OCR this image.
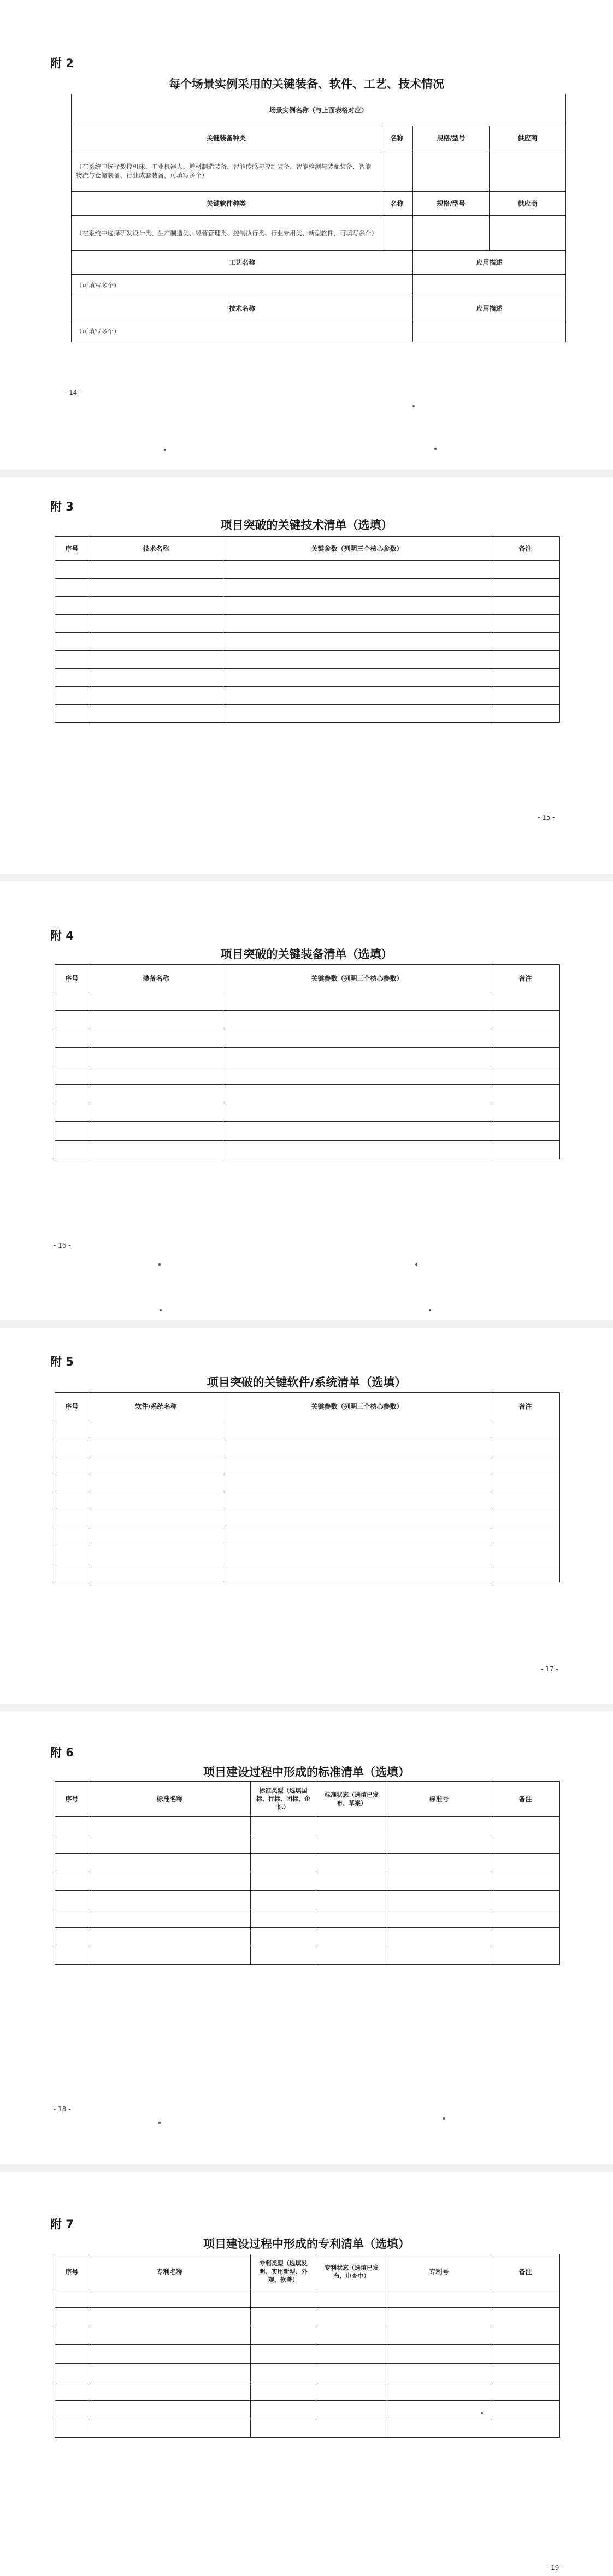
附 2
每个场景实例采用的关键装备、软件、工艺、技术情况
场景实例名称（与上面表格对应）			
关键装备种类	名称	规格/型号	供应商
（在系统中选择数控机床、工业机器人、增材制造装备、智能传感与控制装备、智能检测与装配装备、智能物流与仓储装备、行业成套装备，可填写多个）			
关键软件种类	名称	规格/型号	供应商
（在系统中选择研发设计类、生产制造类、经营管理类、控制执行类、行业专用类、新型软件，可填写多个）			
工艺名称		应用描述	
（可填写多个）			
技术名称		应用描述	
（可填写多个）			
- 14 -
附 3
项目突破的关键技术清单（选填）
序号	技术名称	关键参数（列明三个核心参数）	备注

- 15 -
附 4
项目突破的关键装备清单（选填）
序号	装备名称	关键参数（列明三个核心参数）	备注

- 16 -
附 5
项目突破的关键软件/系统清单（选填）
序号	软件/系统名称	关键参数（列明三个核心参数）	备注

- 17 -
附 6
项目建设过程中形成的标准清单（选填）
序号	标准名称	标准类型（选填国标、行标、团标、企标）	标准状态（选填已发布、草案）	标准号	备注

- 18 -
附 7
项目建设过程中形成的专利清单（选填）
序号	专利名称	专利类型（选填发明、实用新型、外观、软著）	专利状态（选填已发布、审查中）	专利号	备注

- 19 -
